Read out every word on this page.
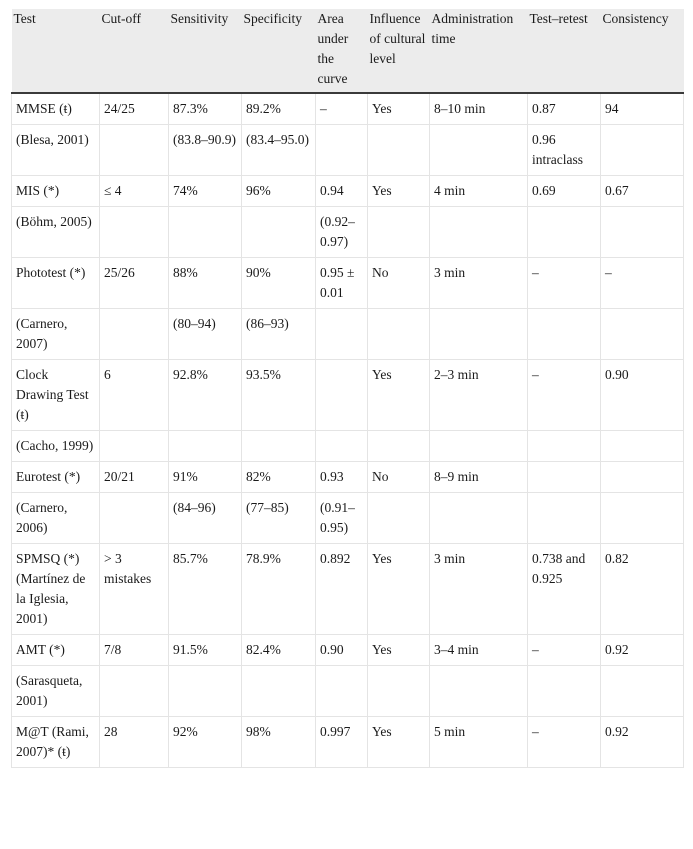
Test	Cut-off	Sensitivity	Specificity	Area under the curve	Influence of cultural level	Administration time	Test–retest	Consistency
MMSE (ŧ)	24/25	87.3%	89.2%	–	Yes	8–10 min	0.87	94
(Blesa, 2001)		(83.8–90.9)	(83.4–95.0)				0.96 intraclass	
MIS (*)	≤ 4	74%	96%	0.94	Yes	4 min	0.69	0.67
(Böhm, 2005)				(0.92–0.97)				
Phototest (*)	25/26	88%	90%	0.95 ± 0.01	No	3 min	–	–
(Carnero, 2007)		(80–94)	(86–93)					
Clock Drawing Test (ŧ)	6	92.8%	93.5%		Yes	2–3 min	–	0.90
(Cacho, 1999)								
Eurotest (*)	20/21	91%	82%	0.93	No	8–9 min		
(Carnero, 2006)		(84–96)	(77–85)	(0.91–0.95)				
SPMSQ (*) (Martínez de la Iglesia, 2001)	> 3 mistakes	85.7%	78.9%	0.892	Yes	3 min	0.738 and 0.925	0.82
AMT (*)	7/8	91.5%	82.4%	0.90	Yes	3–4 min	–	0.92
(Sarasqueta, 2001)								
M@T (Rami, 2007)* (ŧ)	28	92%	98%	0.997	Yes	5 min	–	0.92
